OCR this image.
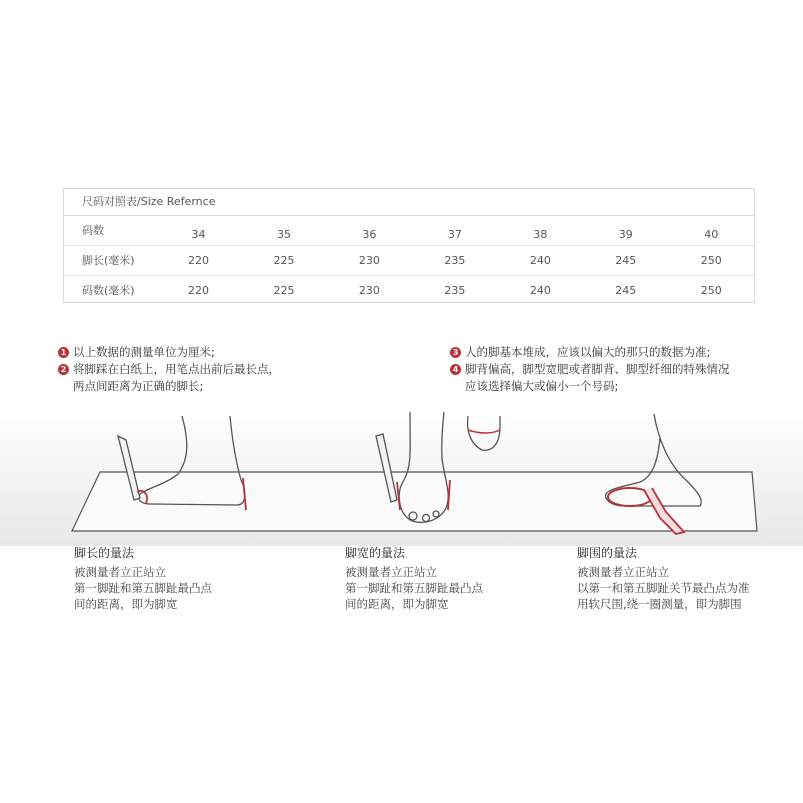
尺码对照表/Size Refernce
码数	34	35	36	37	38	39	40
脚长(毫米)	220	225	230	235	240	245	250
码数(毫米)	220	225	230	235	240	245	250
1 以上数据的测量单位为厘米;
2 将脚踩在白纸上，用笔点出前后最长点，
两点间距离为正确的脚长;
3 人的脚基本堆成，应该以偏大的那只的数据为准;
4 脚背偏高，脚型宽肥或者脚背、脚型纤细的特殊情况
应该选择偏大或偏小一个号码;
脚长的量法
被测量者立正站立
第一脚趾和第五脚趾最凸点
间的距离，即为脚宽
脚宽的量法
被测量者立正站立
第一脚趾和第五脚趾最凸点
间的距离，即为脚宽
脚围的量法
被测量者立正站立
以第一和第五脚趾关节最凸点为准
用软尺围,绕一圈测量，即为脚围
